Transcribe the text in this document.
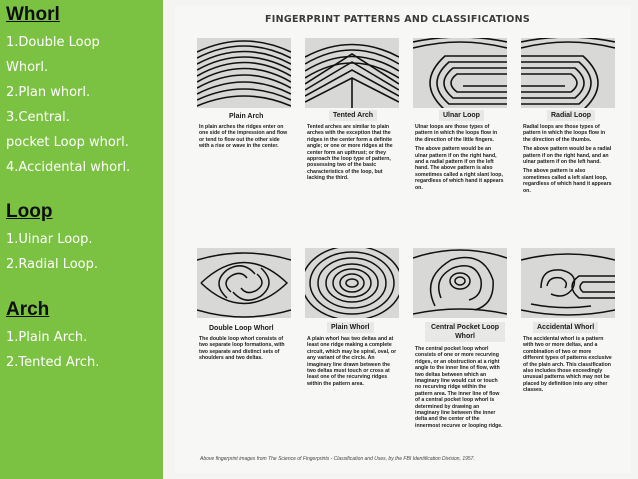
Whorl
1.Double Loop
Whorl.
2.Plan whorl.
3.Central.
pocket Loop whorl.
4.Accidental whorl.
Loop
1.Uinar Loop.
2.Radial Loop.
Arch
1.Plain Arch.
2.Tented Arch.
FINGERPRINT PATTERNS AND CLASSIFICATIONS
Plain Arch	Tented Arch	Ulnar Loop	Radial Loop

In plain arches the ridges enter on one side of the impression and flow or tend to flow out the other side with a rise or wave in the center.

Tented arches are similar to plain arches with the exception that the ridges in the center form a definite angle; or one or more ridges at the center form an upthrust; or they approach the loop type of pattern, possessing two of the basic characteristics of the loop, but lacking the third.

Ulnar loops are those types of pattern in which the loops flow in the direction of the little fingers.

The above pattern would be an ulnar pattern if on the right hand, and a radial pattern if on the left hand. The above pattern is also sometimes called a right slant loop, regardless of which hand it appears on.

Radial loops are those types of pattern in which the loops flow in the direction of the thumbs.

The above pattern would be a radial pattern if on the right hand, and an ulnar pattern if on the left hand.

The above pattern is also sometimes called a left slant loop, regardless of which hand it appears on.

Double Loop Whorl	Plain Whorl	Central Pocket Loop Whorl
Accidental Whorl

The double loop whorl consists of two separate loop formations, with two separate and distinct sets of shoulders and two deltas.

A plain whorl has two deltas and at least one ridge making a complete circuit, which may be spiral, oval, or any variant of the circle. An imaginary line drawn between the two deltas must touch or cross at least one of the recurving ridges within the pattern area.

The central pocket loop whorl consists of one or more recurving ridges, or an obstruction at a right angle to the inner line of flow, with two deltas between which an imaginary line would cut or touch no recurving ridge within the pattern area. The inner line of flow of a central pocket loop whorl is determined by drawing an imaginary line between the inner delta and the center of the innermost recurve or looping ridge.

The accidental whorl is a pattern with two or more deltas, and a combination of two or more different types of patterns exclusive of the plain arch. This classification also includes those exceedingly unusual patterns which may not be placed by definition into any other classes.

Above fingerprint images from The Science of Fingerprints - Classification and Uses, by the FBI Identification Division, 1957.
